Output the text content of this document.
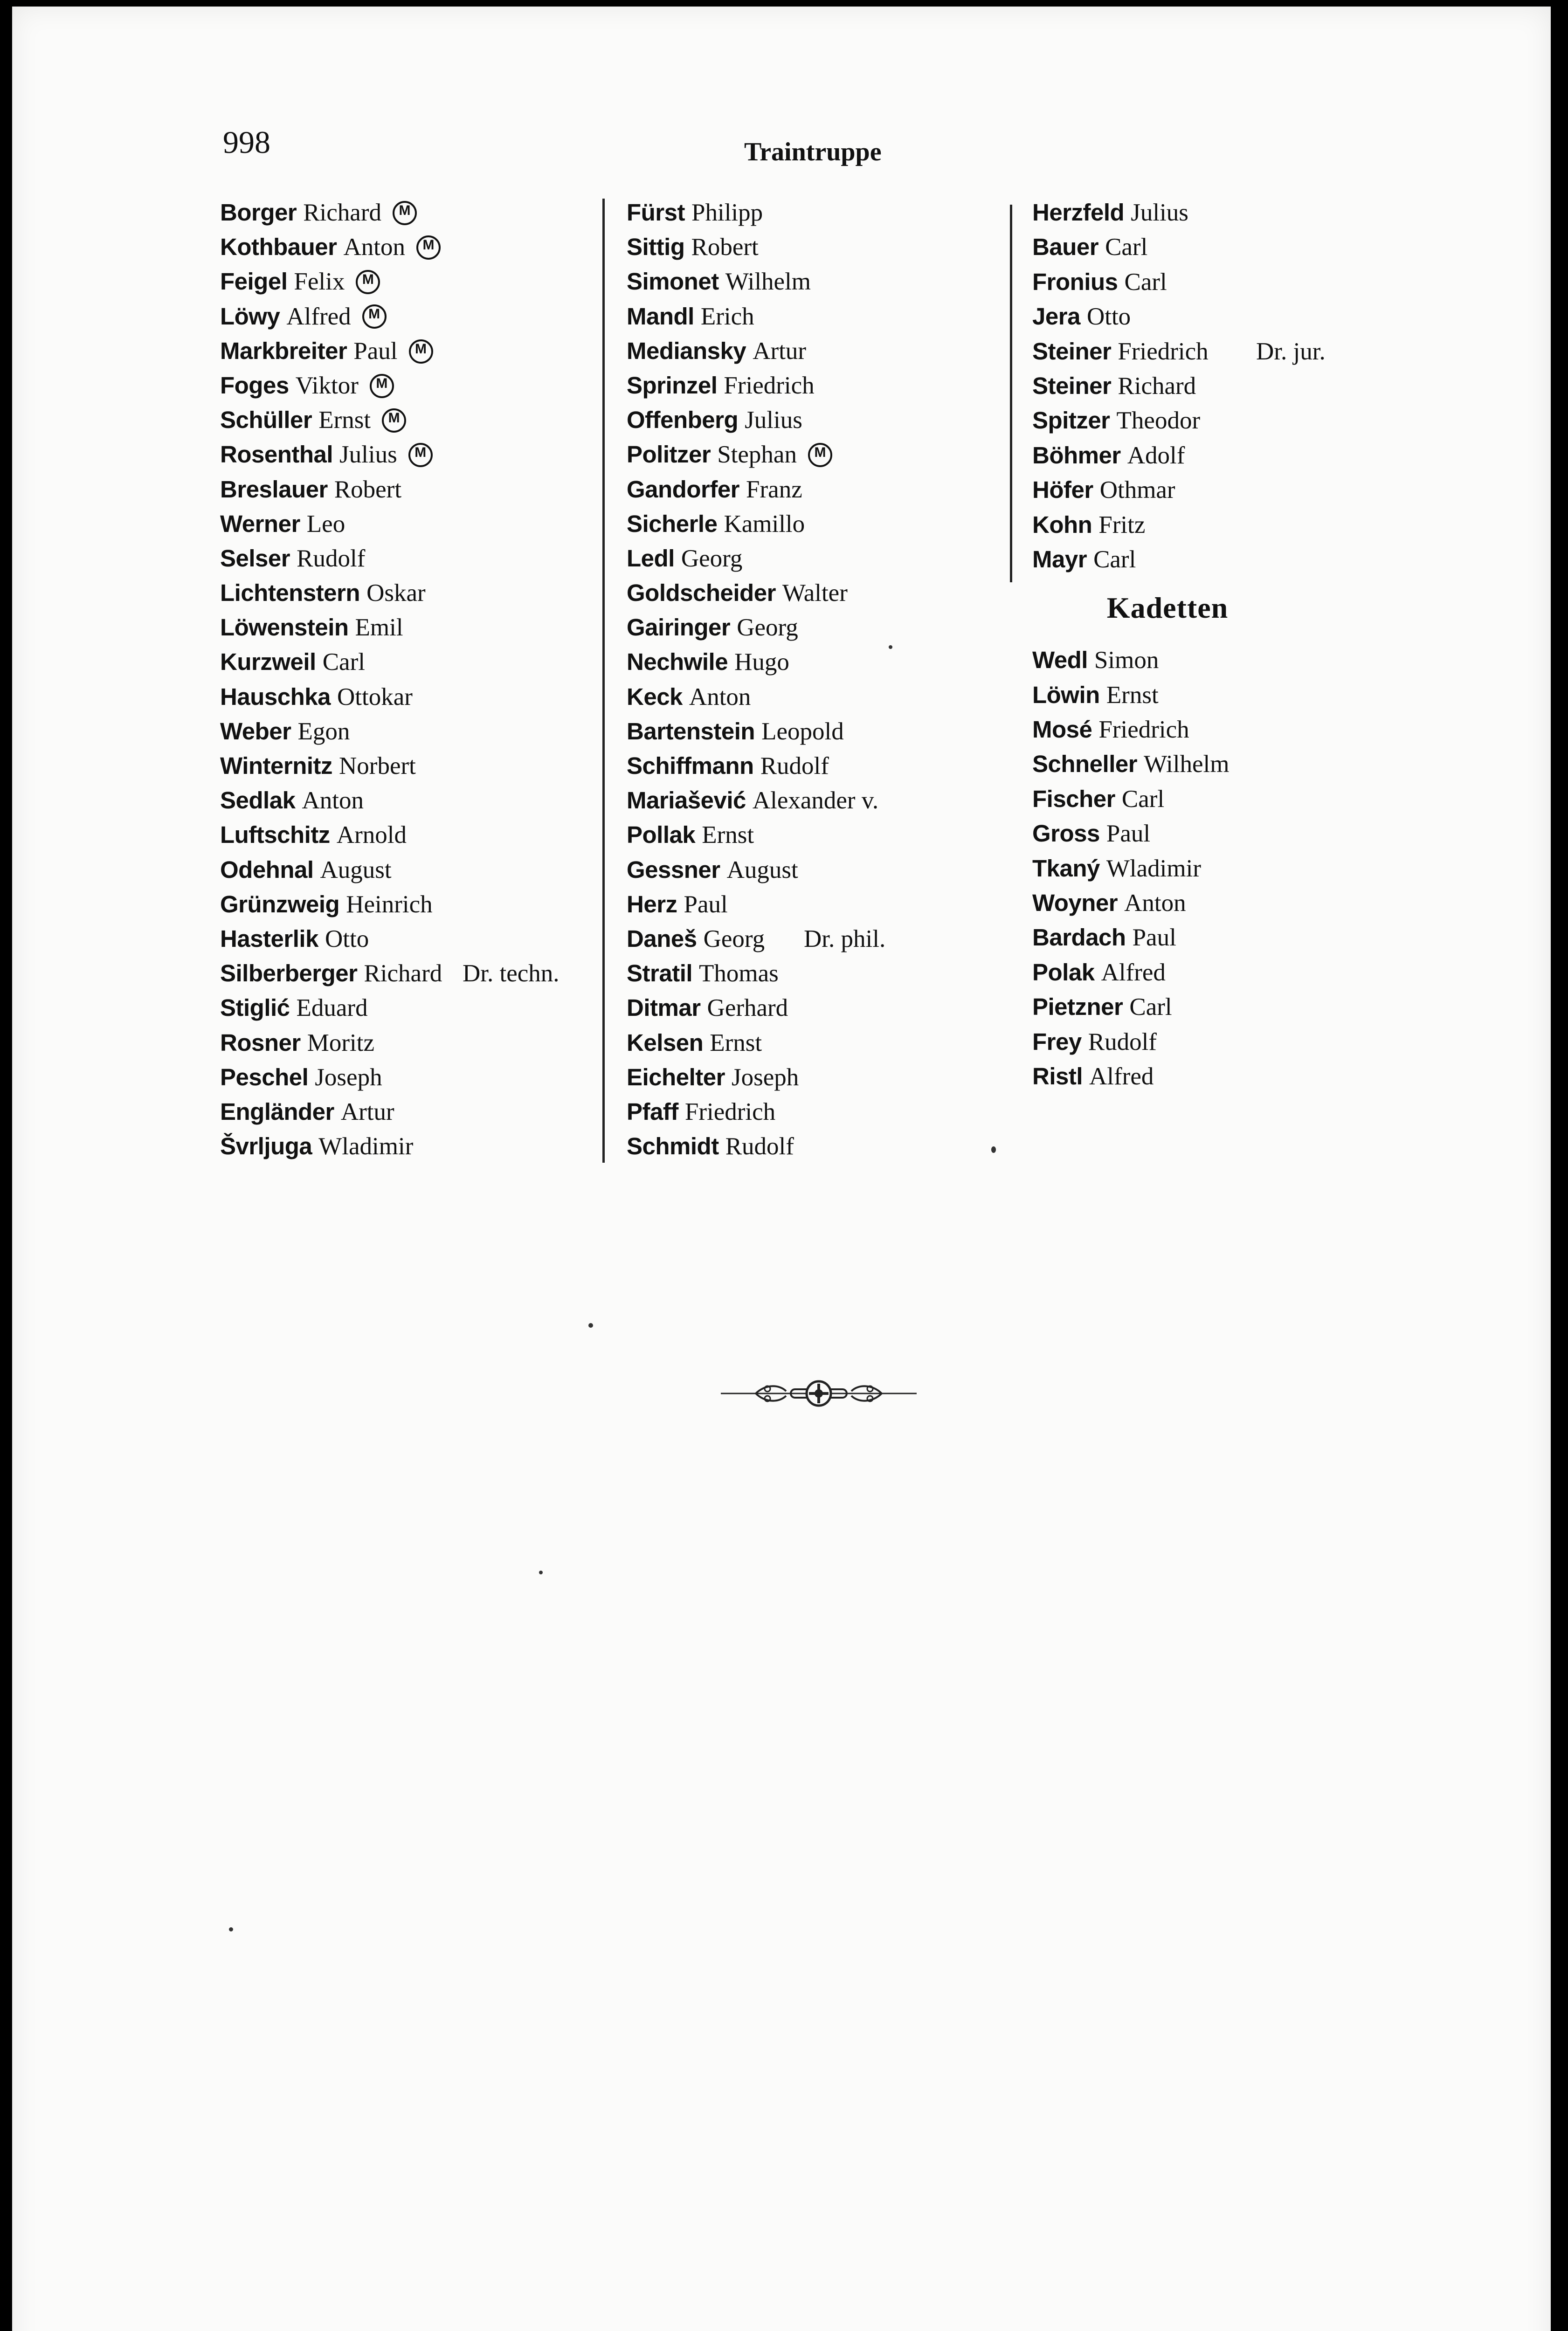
998	Traintruppe
Borger Richard M
Kothbauer Anton M
Feigel Felix M
Löwy Alfred M
Markbreiter Paul M
Foges Viktor M
Schüller Ernst M
Rosenthal Julius M
Breslauer Robert
Werner Leo
Selser Rudolf
Lichtenstern Oskar
Löwenstein Emil
Kurzweil Carl
Hauschka Ottokar
Weber Egon
Winternitz Norbert
Sedlak Anton
Luftschitz Arnold
Odehnal August
Grünzweig Heinrich
Hasterlik Otto
Silberberger Richard Dr. techn.
Stiglić Eduard
Rosner Moritz
Peschel Joseph
Engländer Artur
Švrljuga Wladimir
Fürst Philipp
Sittig Robert
Simonet Wilhelm
Mandl Erich
Mediansky Artur
Sprinzel Friedrich
Offenberg Julius
Politzer Stephan M
Gandorfer Franz
Sicherle Kamillo
Ledl Georg
Goldscheider Walter
Gairinger Georg
Nechwile Hugo
Keck Anton
Bartenstein Leopold
Schiffmann Rudolf
Mariašević Alexander v.
Pollak Ernst
Gessner August
Herz Paul
Daneš Georg Dr. phil.
Stratil Thomas
Ditmar Gerhard
Kelsen Ernst
Eichelter Joseph
Pfaff Friedrich
Schmidt Rudolf
Herzfeld Julius
Bauer Carl
Fronius Carl
Jera Otto
Steiner Friedrich Dr. jur.
Steiner Richard
Spitzer Theodor
Böhmer Adolf
Höfer Othmar
Kohn Fritz
Mayr Carl
Kadetten
Wedl Simon
Löwin Ernst
Mosé Friedrich
Schneller Wilhelm
Fischer Carl
Gross Paul
Tkaný Wladimir
Woyner Anton
Bardach Paul
Polak Alfred
Pietzner Carl
Frey Rudolf
Ristl Alfred
